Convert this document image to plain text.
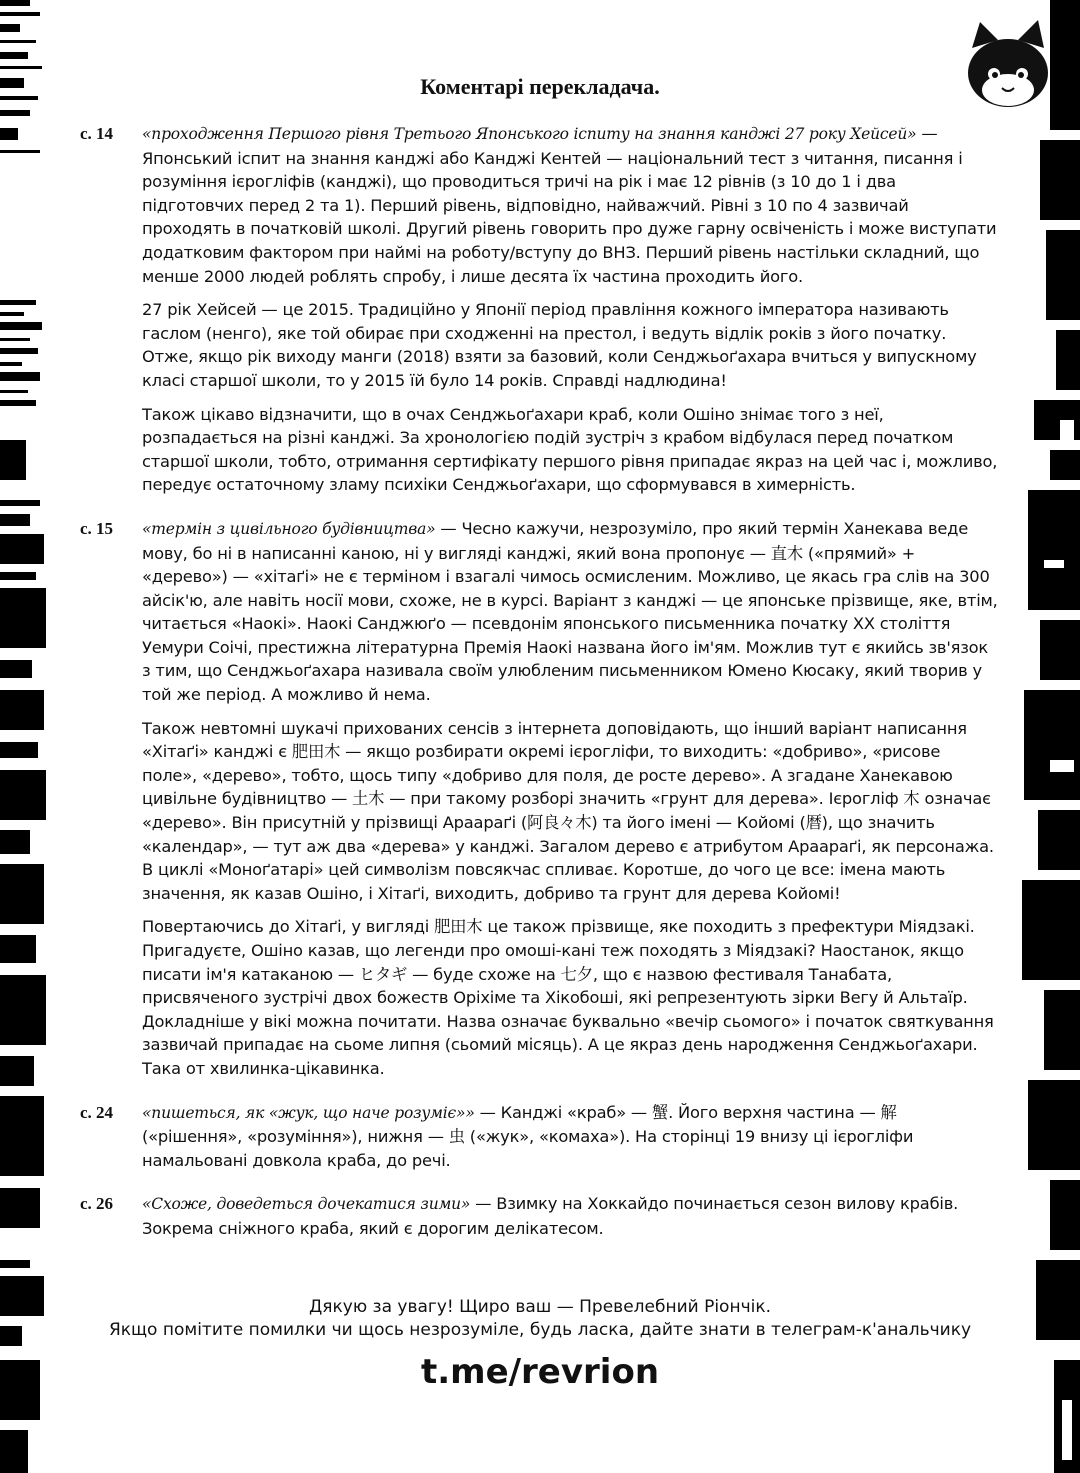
Коментарі перекладача.
с. 14	«проходження Першого рівня Третього Японського іспиту на знання канджі 27 року Хейсей» — Японський іспит на знання канджі або Канджі Кентей — національний тест з читання, писання і розуміння ієрогліфів (канджі), що проводиться тричі на рік і має 12 рівнів (з 10 до 1 і два підготовчих перед 2 та 1). Перший рівень, відповідно, найважчий. Рівні з 10 по 4 зазвичай проходять в початковій школі. Другий рівень говорить про дуже гарну освіченість і може виступати додатковим фактором при наймі на роботу/вступу до ВНЗ. Перший рівень настільки складний, що менше 2000 людей роблять спробу, і лише десята їх частина проходить його.

27 рік Хейсей — це 2015. Традиційно у Японії період правління кожного імператора називають гаслом (ненго), яке той обирає при сходженні на престол, і ведуть відлік років з його початку. Отже, якщо рік виходу манги (2018) взяти за базовий, коли Сенджьоґахара вчиться у випускному класі старшої школи, то у 2015 їй було 14 років. Справді надлюдина!

Також цікаво відзначити, що в очах Сенджьоґахари краб, коли Ошіно знімає того з неї, розпадається на різні канджі. За хронологією подій зустріч з крабом відбулася перед початком старшої школи, тобто, отримання сертифікату першого рівня припадає якраз на цей час і, можливо, передує остаточному зламу психіки Сенджьоґахари, що сформувався в химерність.

с. 15	«термін з цивільного будівництва» — Чесно кажучи, незрозуміло, про який термін Ханекава веде мову, бо ні в написанні каною, ні у вигляді канджі, який вона пропонує — 直木 («прямий» + «дерево») — «хітаґі» не є терміном і взагалі чимось осмисленим. Можливо, це якась гра слів на 300 айсік'ю, але навіть носії мови, схоже, не в курсі. Варіант з канджі — це японське прізвище, яке, втім, читається «Наокі». Наокі Санджюґо — псевдонім японського письменника початку ХХ століття Уемури Соічі, престижна літературна Премія Наокі названа його ім'ям. Можлив тут є якийсь зв'язок з тим, що Сенджьоґахара називала своїм улюбленим письменником Юмено Кюсаку, який творив у той же період. А можливо й нема.

Також невтомні шукачі прихованих сенсів з інтернета доповідають, що інший варіант написання «Хітаґі» канджі є 肥田木 — якщо розбирати окремі ієрогліфи, то виходить: «добриво», «рисове поле», «дерево», тобто, щось типу «добриво для поля, де росте дерево». А згадане Ханекавою цивільне будівництво — 土木 — при такому розборі значить «грунт для дерева». Ієрогліф 木 означає «дерево». Він присутній у прізвищі Араараґі (阿良々木) та його імені — Койомі (暦), що значить «календар», — тут аж два «дерева» у канджі. Загалом дерево є атрибутом Араараґі, як персонажа. В циклі «Моноґатарі» цей символізм повсякчас спливає. Коротше, до чого це все: імена мають значення, як казав Ошіно, і Хітаґі, виходить, добриво та грунт для дерева Койомі!

Повертаючись до Хітаґі, у вигляді 肥田木 це також прізвище, яке походить з префектури Міядзакі. Пригадуєте, Ошіно казав, що легенди про омоші-кані теж походять з Міядзакі? Наостанок, якщо писати ім'я катаканою — ヒタギ — буде схоже на 七夕, що є назвою фестиваля Танабата, присвяченого зустрічі двох божеств Оріхіме та Хікобоші, які репрезентують зірки Вегу й Альтаїр. Докладніше у вікі можна почитати. Назва означає буквально «вечір сьомого» і початок святкування зазвичай припадає на сьоме липня (сьомий місяць). А це якраз день народження Сенджьоґахари. Така от хвилинка-цікавинка.

с. 24	«пишеться, як «жук, що наче розуміє»» — Канджі «краб» — 蟹. Його верхня частина — 解 («рішення», «розуміння»), нижня — 虫 («жук», «комаха»). На сторінці 19 внизу ці ієрогліфи намальовані довкола краба, до речі.

с. 26	«Схоже, доведеться дочекатися зими» — Взимку на Хоккайдо починається сезон вилову крабів. Зокрема сніжного краба, який є дорогим делікатесом.

Дякую за увагу! Щиро ваш — Превелебний Ріончік.
Якщо помітите помилки чи щось незрозуміле, будь ласка, дайте знати в телеграм-к'анальчику
t.me/revrion
